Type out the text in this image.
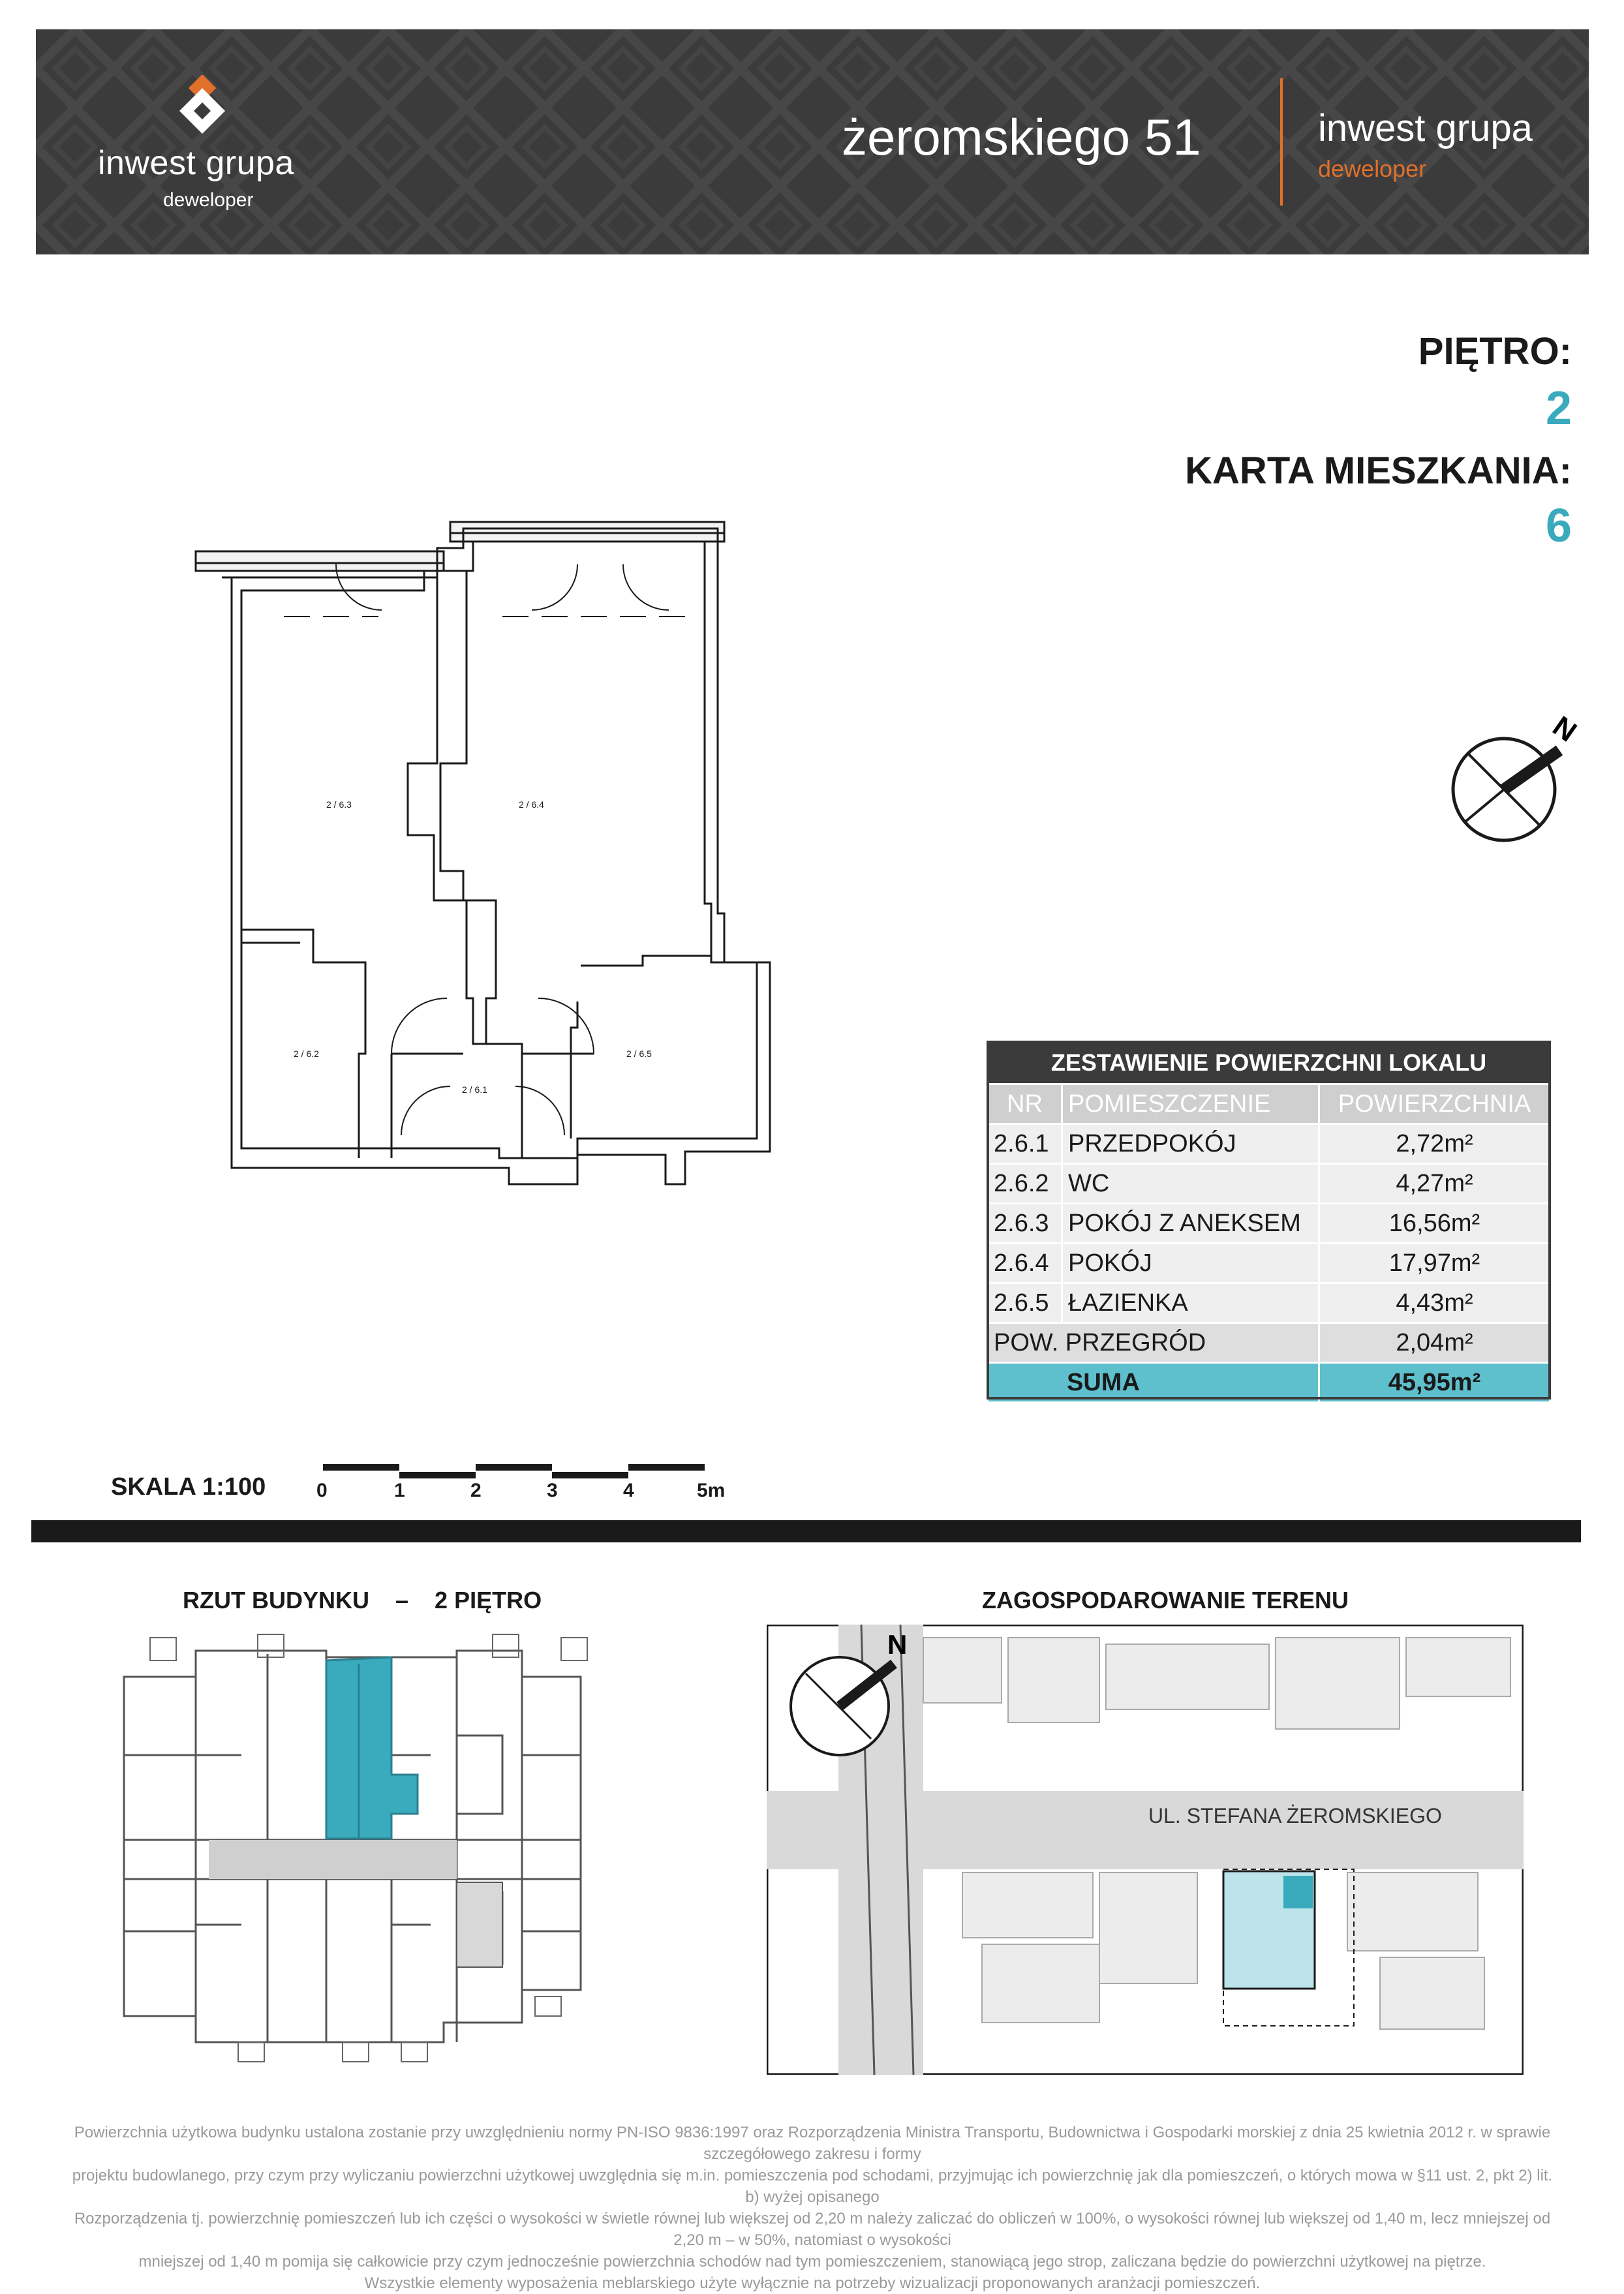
inwest grupa
deweloper
żeromskiego 51	inwest grupa
deweloper
PIĘTRO:
2
KARTA MIESZKANIA:
6
N
2 / 6.3	2 / 6.4
2 / 6.2	2 / 6.5
2 / 6.1
ZESTAWIENIE POWIERZCHNI LOKALU		
NR	POMIESZCZENIE	POWIERZCHNIA
2.6.1	PRZEDPOKÓJ	2,72m²
2.6.2	WC	4,27m²
2.6.3	POKÓJ Z ANEKSEM	16,56m²
2.6.4	POKÓJ	17,97m²
2.6.5	ŁAZIENKA	4,43m²
POW. PRZEGRÓD		2,04m²
SUMA		45,95m²
SKALA 1:100	0	1	2	3	4	5m
RZUT BUDYNKU – 2 PIĘTRO	ZAGOSPODAROWANIE TERENU
N
UL. STEFANA ŻEROMSKIEGO
Powierzchnia użytkowa budynku ustalona zostanie przy uwzględnieniu normy PN-ISO 9836:1997 oraz Rozporządzenia Ministra Transportu, Budownictwa i Gospodarki morskiej z dnia 25 kwietnia 2012 r. w sprawie szczegółowego zakresu i formy
projektu budowlanego, przy czym przy wyliczaniu powierzchni użytkowej uwzględnia się m.in. pomieszczenia pod schodami, przyjmując ich powierzchnię jak dla pomieszczeń, o których mowa w §11 ust. 2, pkt 2) lit. b) wyżej opisanego
Rozporządzenia tj. powierzchnię pomieszczeń lub ich części o wysokości w świetle równej lub większej od 2,20 m należy zaliczać do obliczeń w 100%, o wysokości równej lub większej od 1,40 m, lecz mniejszej od 2,20 m – w 50%, natomiast o wysokości
mniejszej od 1,40 m pomija się całkowicie przy czym jednocześnie powierzchnia schodów nad tym pomieszczeniem, stanowiącą jego strop, zaliczana będzie do powierzchni użytkowej na piętrze.
Wszystkie elementy wyposażenia meblarskiego użyte wyłącznie na potrzeby wizualizacji proponowanych aranżacji pomieszczeń.
